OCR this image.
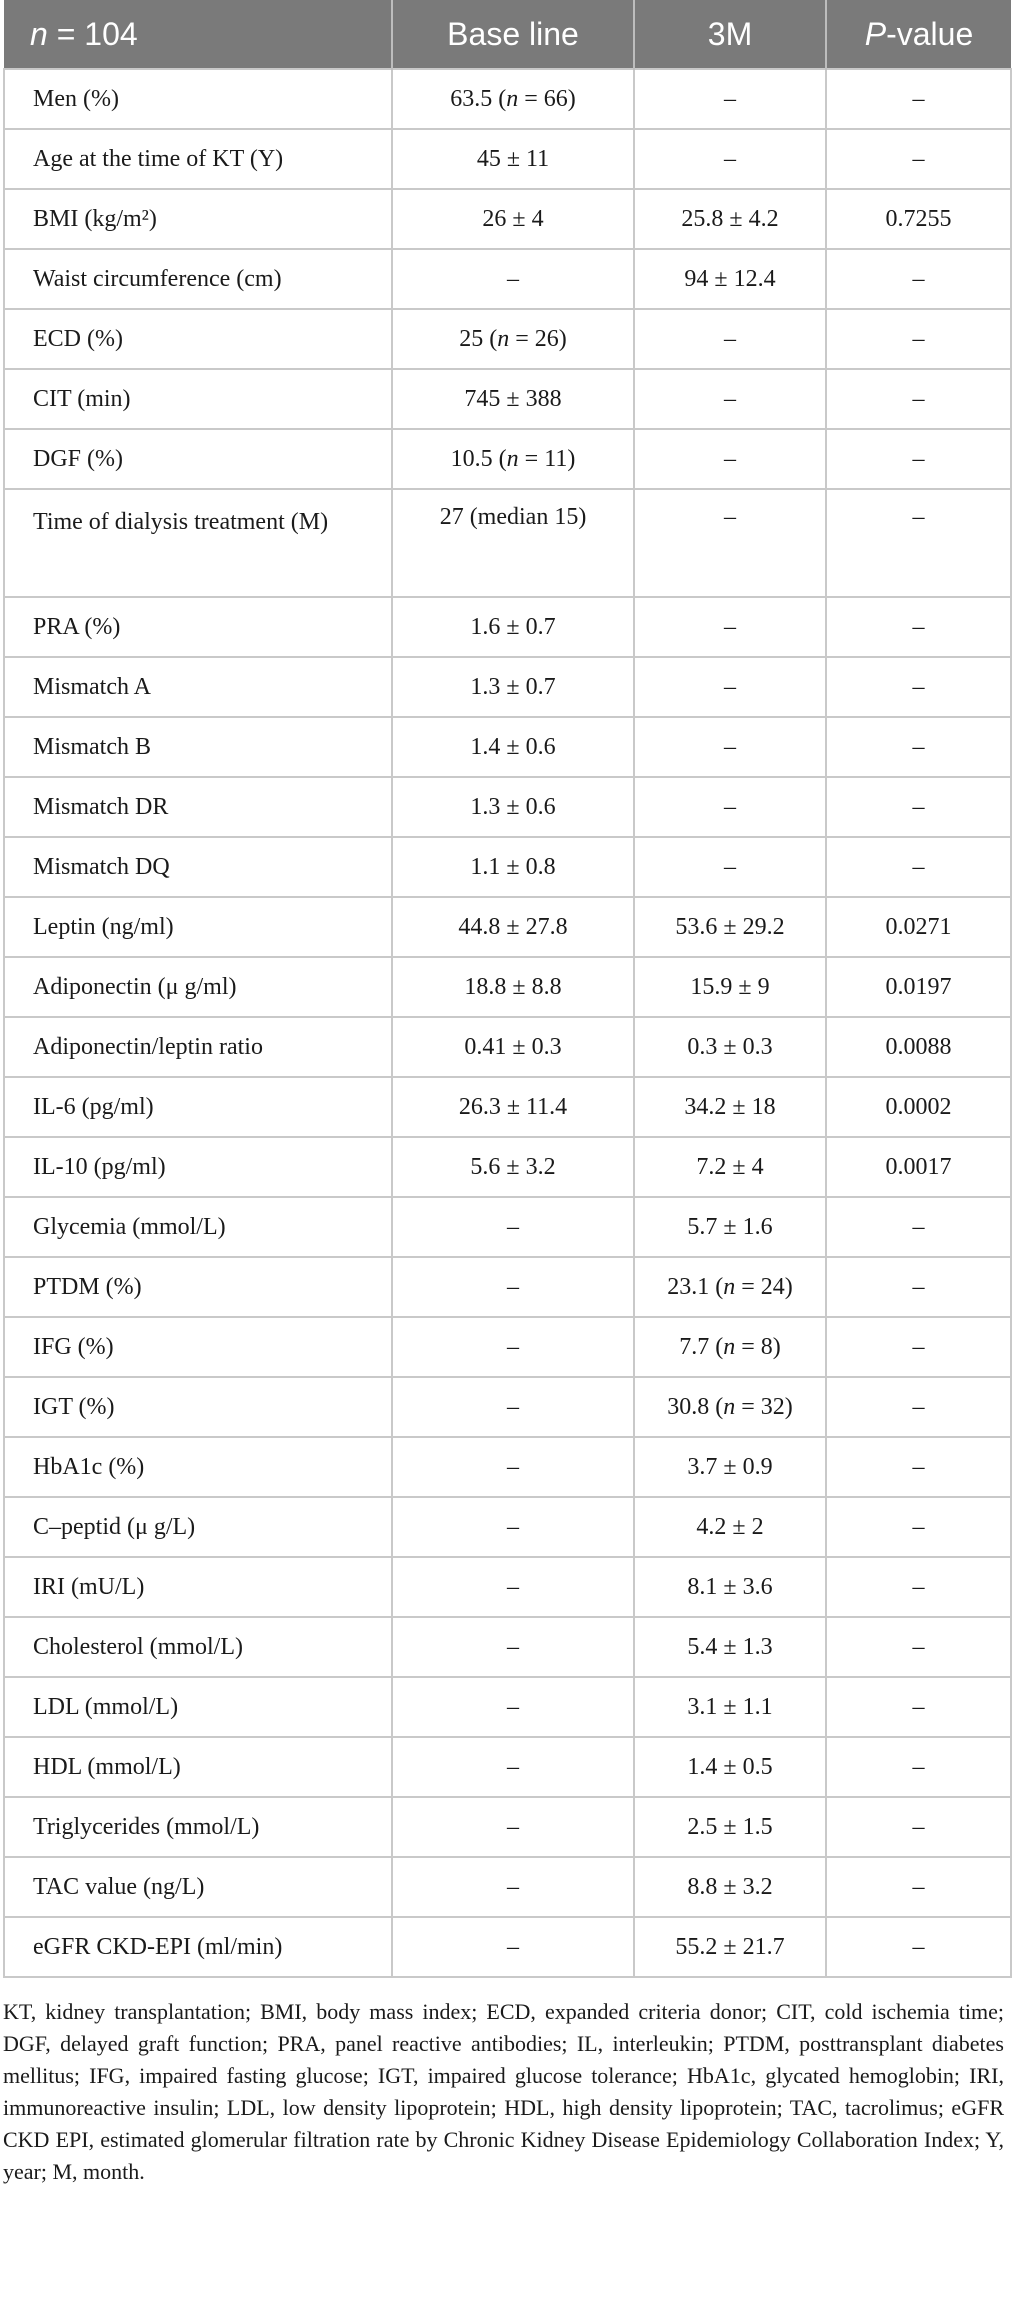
n = 104	Base line	3M	P-value
Men (%)	63.5 (n = 66)	–	–
Age at the time of KT (Y)	45 ± 11	–	–
BMI (kg/m²)	26 ± 4	25.8 ± 4.2	0.7255
Waist circumference (cm)	–	94 ± 12.4	–
ECD (%)	25 (n = 26)	–	–
CIT (min)	745 ± 388	–	–
DGF (%)	10.5 (n = 11)	–	–
Time of dialysis treatment (M)	27 (median 15)	–	–
PRA (%)	1.6 ± 0.7	–	–
Mismatch A	1.3 ± 0.7	–	–
Mismatch B	1.4 ± 0.6	–	–
Mismatch DR	1.3 ± 0.6	–	–
Mismatch DQ	1.1 ± 0.8	–	–
Leptin (ng/ml)	44.8 ± 27.8	53.6 ± 29.2	0.0271
Adiponectin (μ g/ml)	18.8 ± 8.8	15.9 ± 9	0.0197
Adiponectin/leptin ratio	0.41 ± 0.3	0.3 ± 0.3	0.0088
IL-6 (pg/ml)	26.3 ± 11.4	34.2 ± 18	0.0002
IL-10 (pg/ml)	5.6 ± 3.2	7.2 ± 4	0.0017
Glycemia (mmol/L)	–	5.7 ± 1.6	–
PTDM (%)	–	23.1 (n = 24)	–
IFG (%)	–	7.7 (n = 8)	–
IGT (%)	–	30.8 (n = 32)	–
HbA1c (%)	–	3.7 ± 0.9	–
C–peptid (μ g/L)	–	4.2 ± 2	–
IRI (mU/L)	–	8.1 ± 3.6	–
Cholesterol (mmol/L)	–	5.4 ± 1.3	–
LDL (mmol/L)	–	3.1 ± 1.1	–
HDL (mmol/L)	–	1.4 ± 0.5	–
Triglycerides (mmol/L)	–	2.5 ± 1.5	–
TAC value (ng/L)	–	8.8 ± 3.2	–
eGFR CKD-EPI (ml/min)	–	55.2 ± 21.7	–
KT, kidney transplantation; BMI, body mass index; ECD, expanded criteria donor; CIT, cold ischemia time; DGF, delayed graft function; PRA, panel reactive antibodies; IL, interleukin; PTDM, posttransplant diabetes mellitus; IFG, impaired fasting glucose; IGT, impaired glucose tolerance; HbA1c, glycated hemoglobin; IRI, immunoreactive insulin; LDL, low density lipoprotein; HDL, high density lipoprotein; TAC, tacrolimus; eGFR CKD EPI, estimated glomerular filtration rate by Chronic Kidney Disease Epidemiology Collaboration Index; Y, year; M, month.
